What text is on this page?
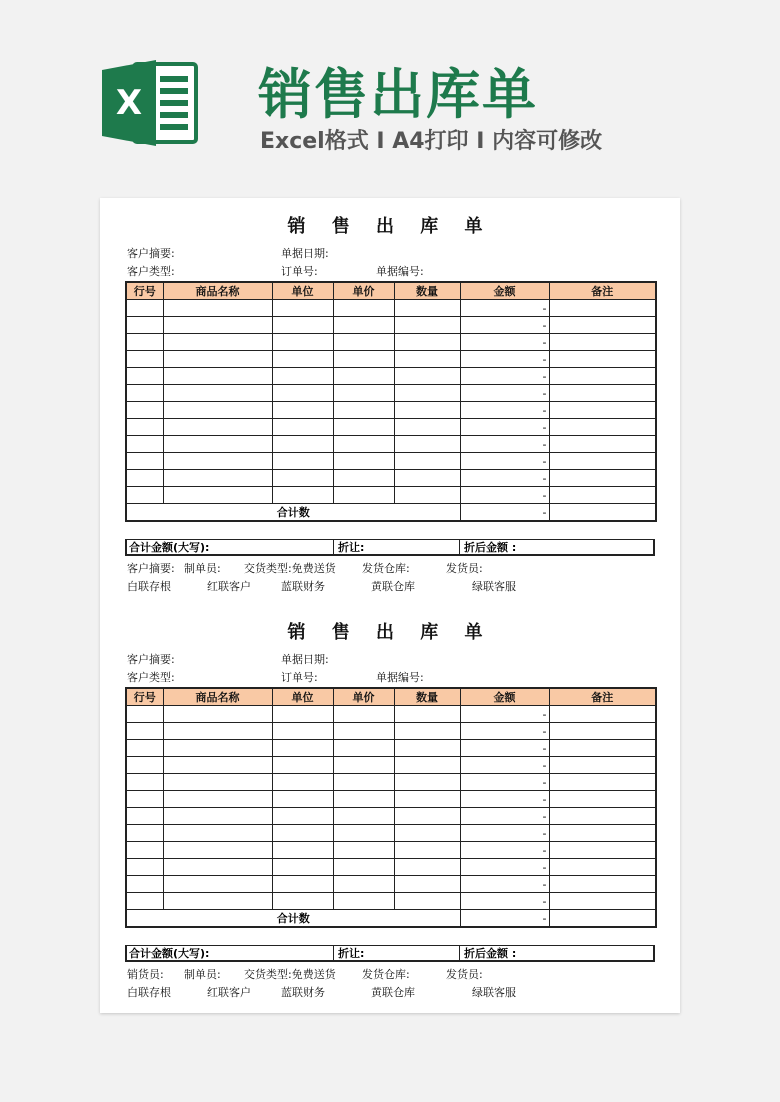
X 销售出库单
Excel格式 I A4打印 I 内容可修改
销 售 出 库 单
客户摘要:	单据日期:
客户类型:	订单号:	单据编号:
行号	商品名称	单位	单价	数量	金额	备注
					-	
					-	
					-	
					-	
					-	
					-	
					-	
					-	
					-	
					-	
					-	
					-	
合计数					-	
合计金额(大写):	折让:	折后金额 :
客户摘要: 制单员: 交货类型:免费送货 发货仓库:	发货员:
白联存根	红联客户	蓝联财务	黄联仓库	绿联客服
销 售 出 库 单
客户摘要:	单据日期:
客户类型:	订单号:	单据编号:
行号	商品名称	单位	单价	数量	金额	备注
					-	
					-	
					-	
					-	
					-	
					-	
					-	
					-	
					-	
					-	
					-	
					-	
合计数					-	
合计金额(大写):	折让:	折后金额 :
销货员: 制单员: 交货类型:免费送货 发货仓库:	发货员:
白联存根	红联客户	蓝联财务	黄联仓库	绿联客服
